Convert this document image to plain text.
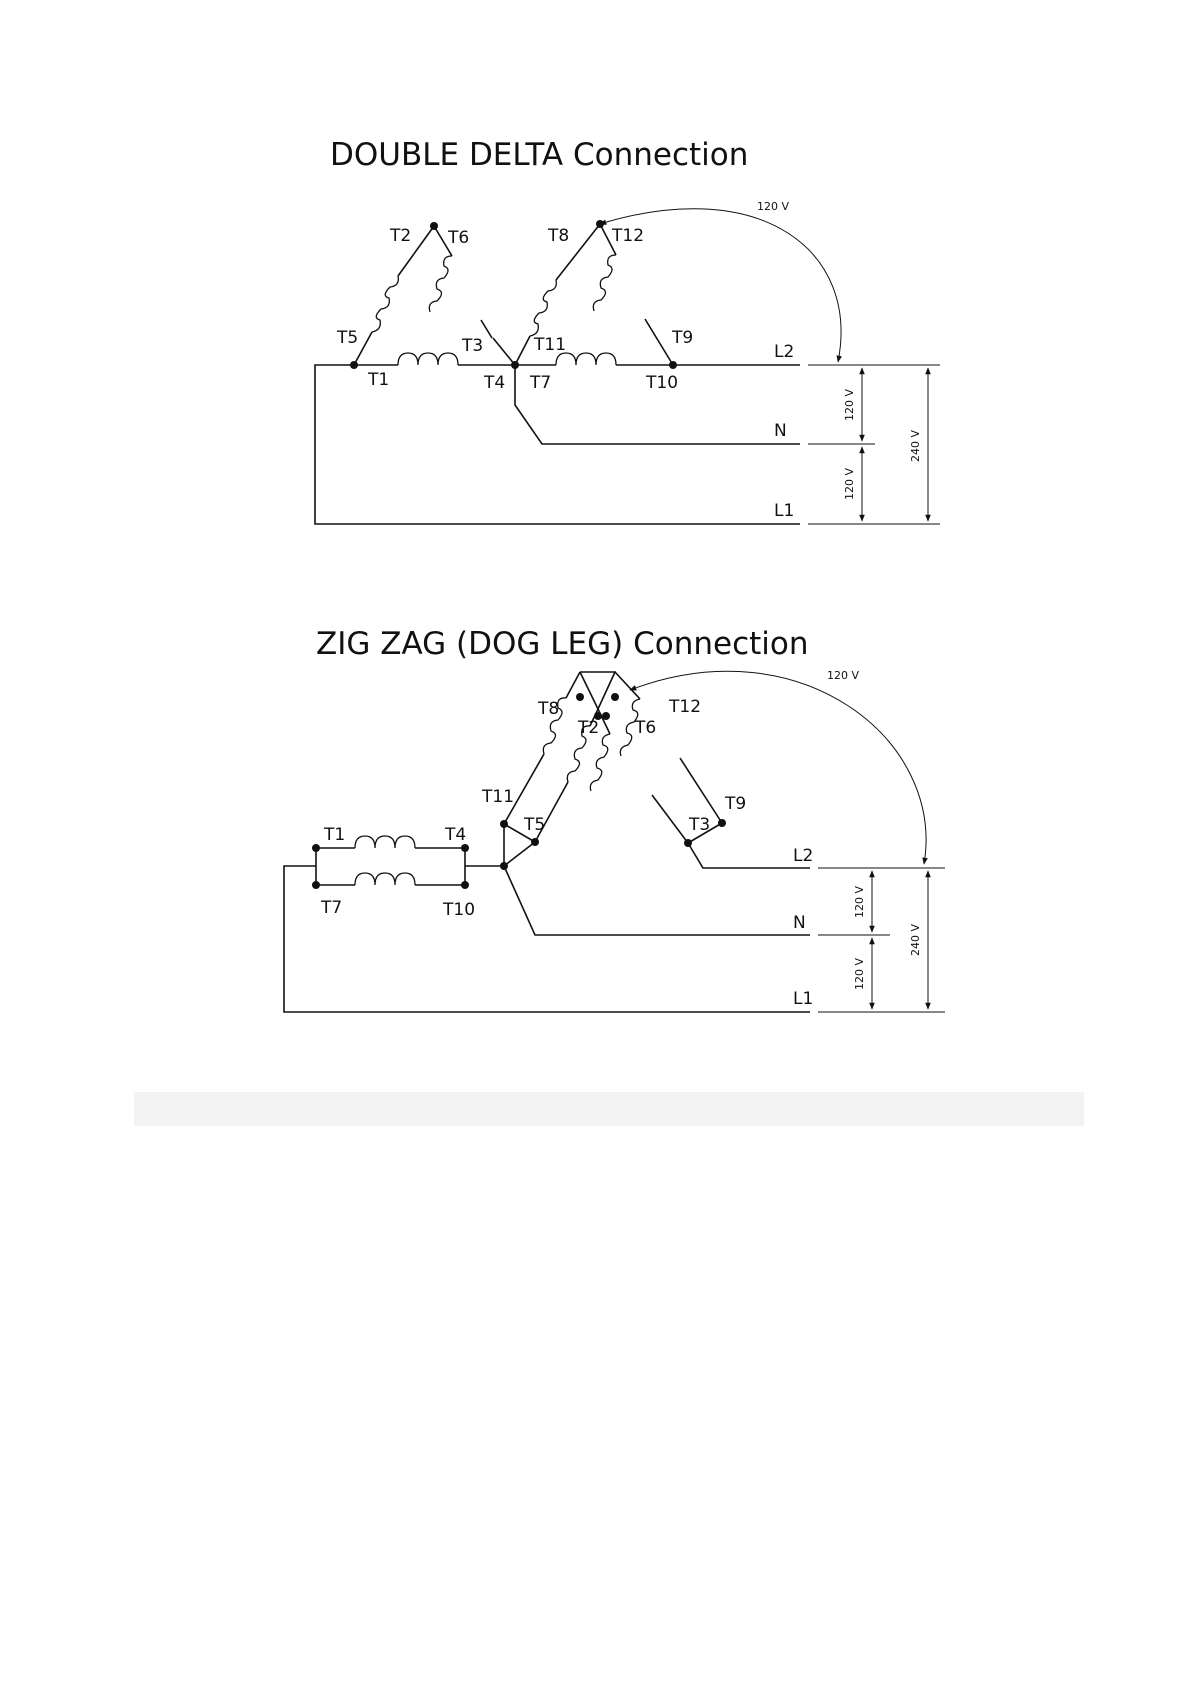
DOUBLE DELTA Connection
120 V
120 V
120 V
240 V
L2
N
L1
T2 T6
T5	T3
T1	T4
T8	T12
T11	T9
T7	T10
ZIG ZAG (DOG LEG) Connection
120 V
120 V
120 V
240 V
L2
N
L1
T8
T2 T6
T12
T11
T5	T3
T9
T1	T4
T7	T10
